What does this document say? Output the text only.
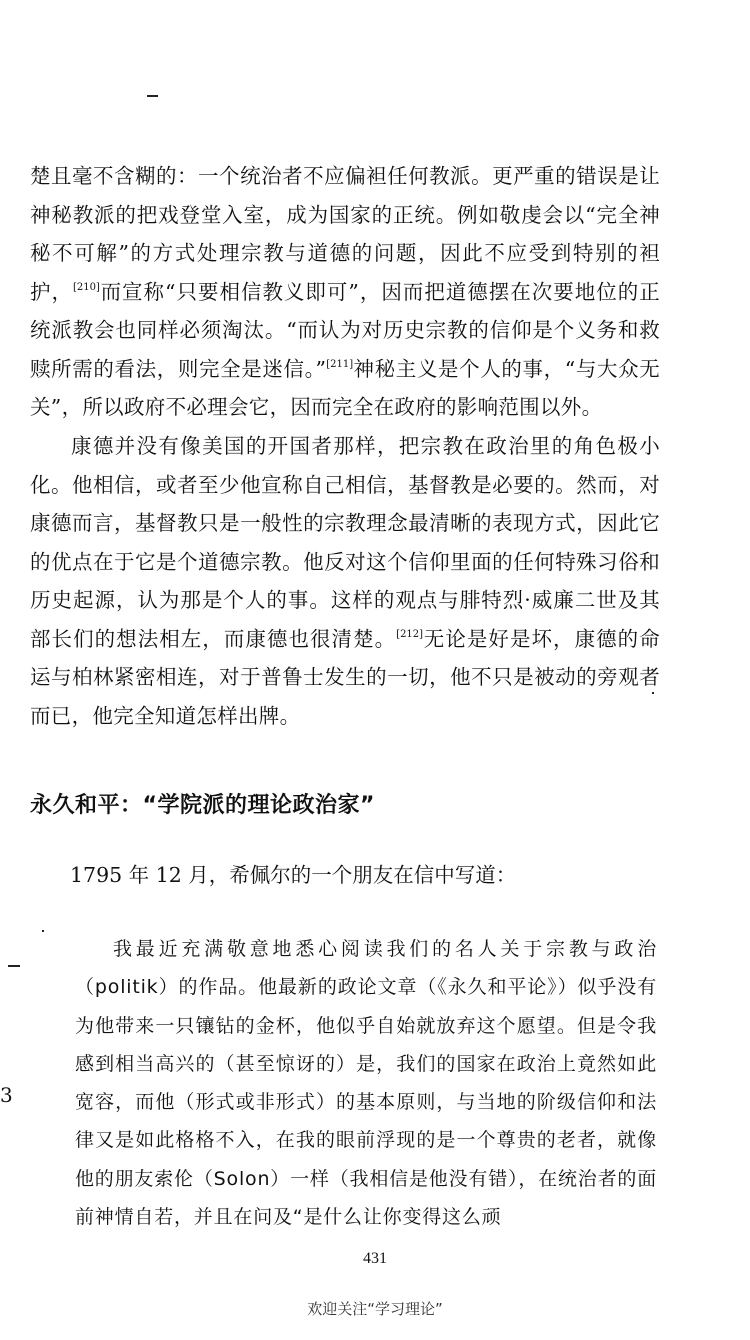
楚且毫不含糊的：一个统治者不应偏袒任何教派。更严重的错误是让神秘教派的把戏登堂入室，成为国家的正统。例如敬虔会以“完全神秘不可解”的方式处理宗教与道德的问题，因此不应受到特别的袒护，[210]而宣称“只要相信教义即可”，因而把道德摆在次要地位的正统派教会也同样必须淘汰。“而认为对历史宗教的信仰是个义务和救赎所需的看法，则完全是迷信。”[211]神秘主义是个人的事，“与大众无关”，所以政府不必理会它，因而完全在政府的影响范围以外。

康德并没有像美国的开国者那样，把宗教在政治里的角色极小化。他相信，或者至少他宣称自己相信，基督教是必要的。然而，对康德而言，基督教只是一般性的宗教理念最清晰的表现方式，因此它的优点在于它是个道德宗教。他反对这个信仰里面的任何特殊习俗和历史起源，认为那是个人的事。这样的观点与腓特烈·威廉二世及其部长们的想法相左，而康德也很清楚。[212]无论是好是坏，康德的命运与柏林紧密相连，对于普鲁士发生的一切，他不只是被动的旁观者而已，他完全知道怎样出牌。

永久和平：“学院派的理论政治家”

1795 年 12 月，希佩尔的一个朋友在信中写道：

我最近充满敬意地悉心阅读我们的名人关于宗教与政治（politik）的作品。他最新的政论文章（《永久和平论》）似乎没有为他带来一只镶钻的金杯，他似乎自始就放弃这个愿望。但是令我感到相当高兴的（甚至惊讶的）是，我们的国家在政治上竟然如此宽容，而他（形式或非形式）的基本原则，与当地的阶级信仰和法律又是如此格格不入，在我的眼前浮现的是一个尊贵的老者，就像他的朋友索伦（Solon）一样（我相信是他没有错），在统治者的面前神情自若，并且在问及“是什么让你变得这么顽

3
431
欢迎关注“学习理论”
